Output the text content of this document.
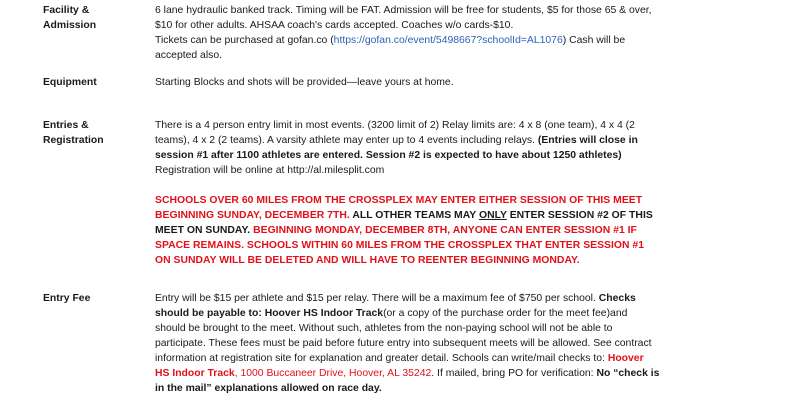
Facility &
Admission

6 lane hydraulic banked track. Timing will be FAT. Admission will be free for students, $5 for those 65 & over, $10 for other adults. AHSAA coach's cards accepted. Coaches w/o cards-$10.

Tickets can be purchased at gofan.co (https://gofan.co/event/5498667?schoolId=AL1076) Cash will be accepted also.

Equipment	Starting Blocks and shots will be provided—leave yours at home.

Entries &
Registration

There is a 4 person entry limit in most events. (3200 limit of 2) Relay limits are: 4 x 8 (one team), 4 x 4 (2 teams), 4 x 2 (2 teams). A varsity athlete may enter up to 4 events including relays. (Entries will close in session #1 after 1100 athletes are entered. Session #2 is expected to have about 1250 athletes) Registration will be online at http://al.milesplit.com

SCHOOLS OVER 60 MILES FROM THE CROSSPLEX MAY ENTER EITHER SESSION OF THIS MEET BEGINNING SUNDAY, DECEMBER 7TH. ALL OTHER TEAMS MAY ONLY ENTER SESSION #2 OF THIS MEET ON SUNDAY. BEGINNING MONDAY, DECEMBER 8TH, ANYONE CAN ENTER SESSION #1 IF SPACE REMAINS. SCHOOLS WITHIN 60 MILES FROM THE CROSSPLEX THAT ENTER SESSION #1 ON SUNDAY WILL BE DELETED AND WILL HAVE TO REENTER BEGINNING MONDAY.

Entry Fee	Entry will be $15 per athlete and $15 per relay. There will be a maximum fee of $750 per school. Checks should be payable to: Hoover HS Indoor Track(or a copy of the purchase order for the meet fee)and should be brought to the meet. Without such, athletes from the non-paying school will not be able to participate. These fees must be paid before future entry into subsequent meets will be allowed. See contract information at registration site for explanation and greater detail. Schools can write/mail checks to: Hoover HS Indoor Track, 1000 Buccaneer Drive, Hoover, AL 35242. If mailed, bring PO for verification: No “check is in the mail” explanations allowed on race day.
